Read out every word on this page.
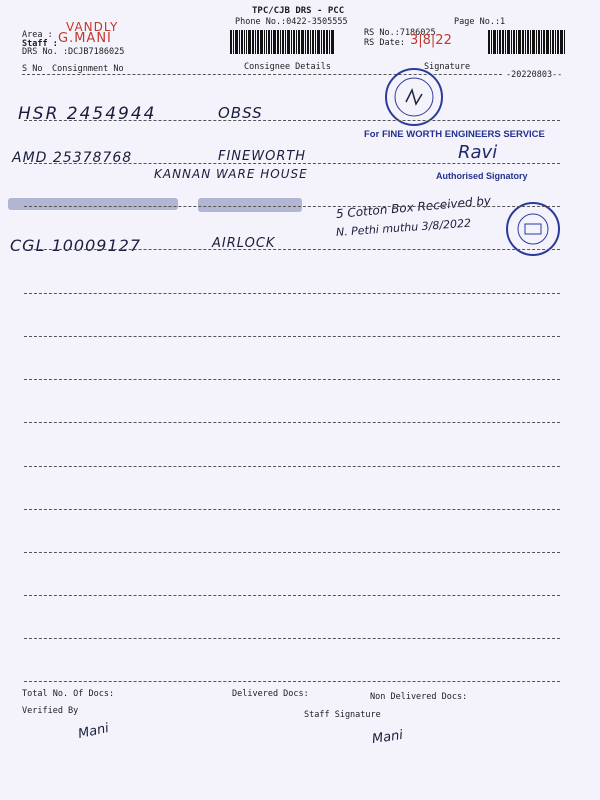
TPC/CJB DRS - PCC
Phone No.:0422-3505555	Page No.:1
Area :
VANDLY
Staff : G.MANI
DRS No. :DCJB7186025
RS No.:7186025
RS Date: 3|8|22
S No Consignment No	Consignee Details	Signature
-20220803--
HSR 2454944	OBSS
AMD 25378768	FINEWORTH
KANNAN WARE HOUSE
CGL 10009127	AIRLOCK
For FINE WORTH ENGINEERS SERVICE
Ravi
Authorised Signatory
5 Cotton Box Received by
N. Pethi muthu 3/8/2022
Total No. Of Docs:	Delivered Docs:	Non Delivered Docs:
Verified By	Staff Signature
Mani	Mani
